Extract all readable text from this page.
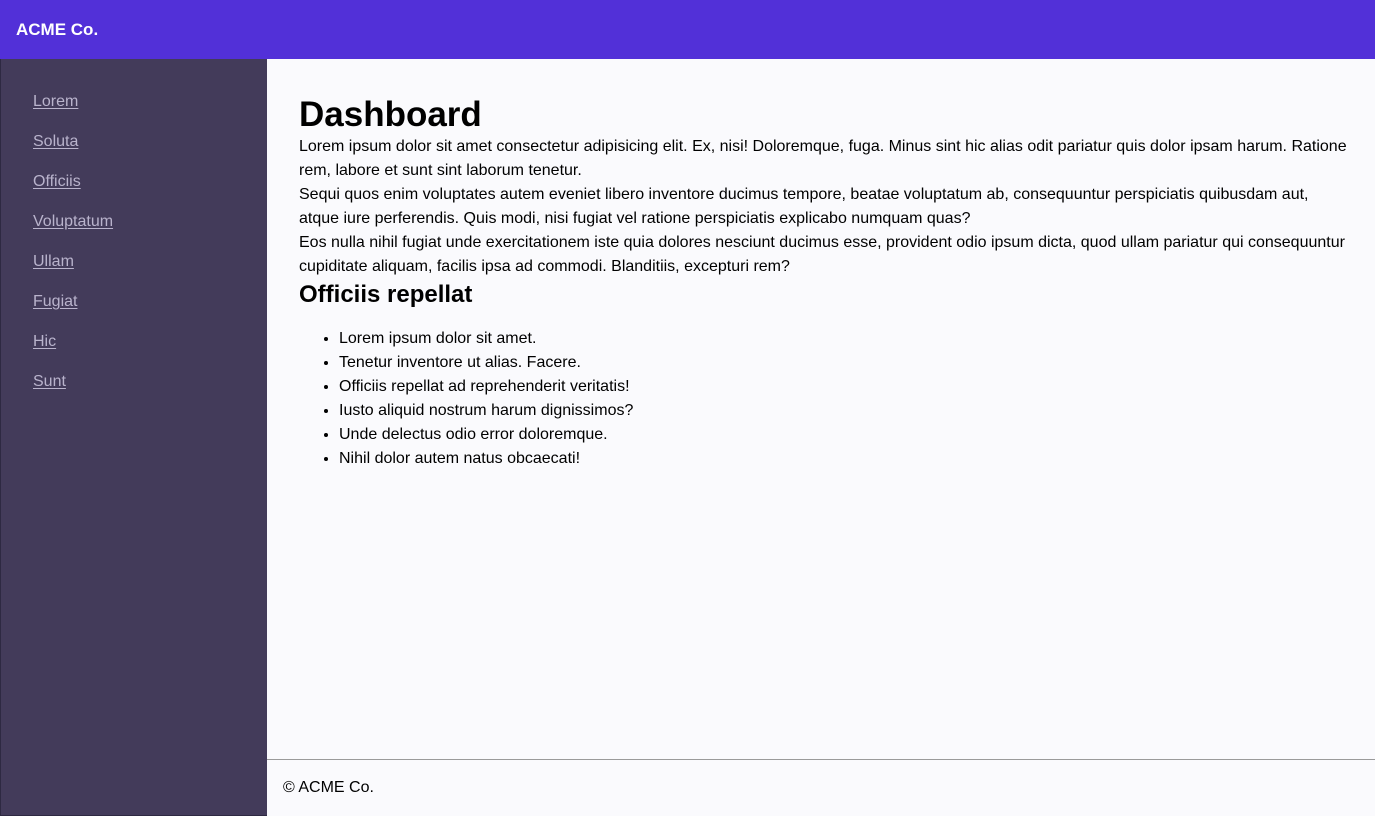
ACME Co.
Lorem
Soluta
Officiis
Voluptatum
Ullam
Fugiat
Hic
Sunt
Dashboard

Lorem ipsum dolor sit amet consectetur adipisicing elit. Ex, nisi! Doloremque, fuga. Minus sint hic alias odit pariatur quis dolor ipsam harum. Ratione rem, labore et sunt sint laborum tenetur.

Sequi quos enim voluptates autem eveniet libero inventore ducimus tempore, beatae voluptatum ab, consequuntur perspiciatis quibusdam aut, atque iure perferendis. Quis modi, nisi fugiat vel ratione perspiciatis explicabo numquam quas?

Eos nulla nihil fugiat unde exercitationem iste quia dolores nesciunt ducimus esse, provident odio ipsum dicta, quod ullam pariatur qui consequuntur cupiditate aliquam, facilis ipsa ad commodi. Blanditiis, excepturi rem?

Officiis repellat
• Lorem ipsum dolor sit amet.
• Tenetur inventore ut alias. Facere.
• Officiis repellat ad reprehenderit veritatis!
• Iusto aliquid nostrum harum dignissimos?
• Unde delectus odio error doloremque.
• Nihil dolor autem natus obcaecati!
© ACME Co.
